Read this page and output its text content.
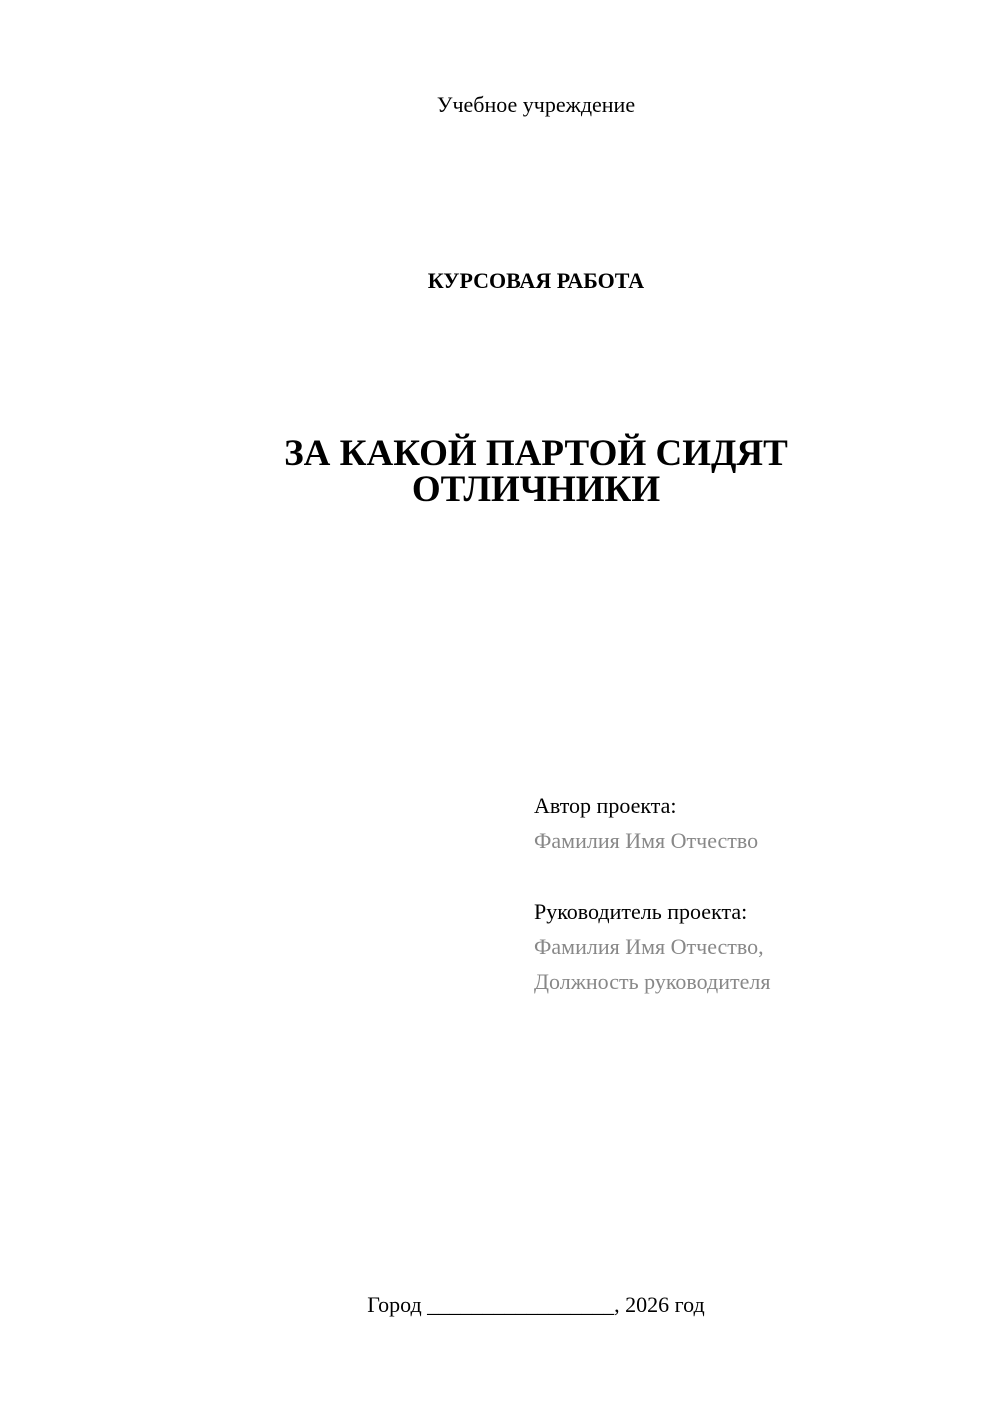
Учебное учреждение
КУРСОВАЯ РАБОТА
ЗА КАКОЙ ПАРТОЙ СИДЯТ
ОТЛИЧНИКИ
Автор проекта:
Фамилия Имя Отчество
Руководитель проекта:
Фамилия Имя Отчество,
Должность руководителя
Город _________________, 2026 год
